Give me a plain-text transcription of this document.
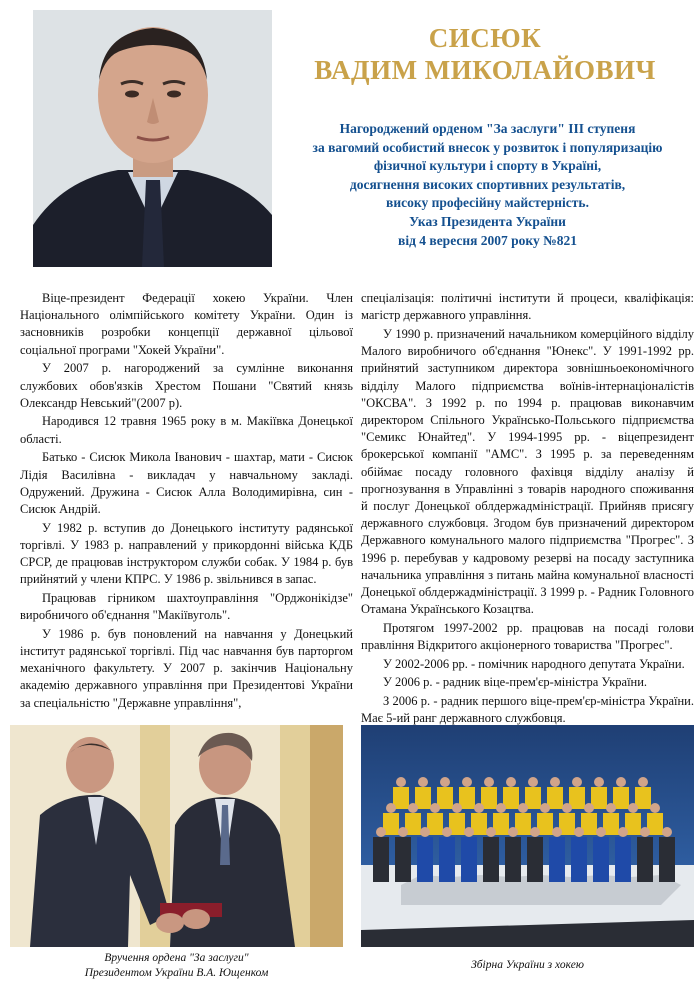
СИСЮК
ВАДИМ МИКОЛАЙОВИЧ
Нагороджений орденом "За заслуги" III ступеня
за вагомий особистий внесок у розвиток і популяризацію
фізичної культури і спорту в Україні,
досягнення високих спортивних результатів,
високу професійну майстерність.
Указ Президента України
від 4 вересня 2007 року №821

Віце-президент Федерації хокею України. Член Національного олімпійського комітету України. Один із засновників розробки концепції державної цільової соціальної програми "Хокей України".

У 2007 р. нагороджений за сумлінне виконання службових обов'язків Хрестом Пошани "Святий князь Олександр Невський"(2007 р).

Народився 12 травня 1965 року в м. Макіївка Донецької області.

Батько - Сисюк Микола Іванович - шахтар, мати - Сисюк Лідія Василівна - викладач у навчальному закладі. Одружений. Дружина - Сисюк Алла Володимирівна, син - Сисюк Андрій.

У 1982 р. вступив до Донецького інституту радянської торгівлі. У 1983 р. направлений у прикордонні війська КДБ СРСР, де працював інструктором служби собак. У 1984 р. був прийнятий у члени КПРС. У 1986 р. звільнився в запас.

Працював гірником шахтоуправління "Орджонікідзе" виробничого об'єднання "Макіївуголь".

У 1986 р. був поновлений на навчання у Донецький інститут радянської торгівлі. Під час навчання був парторгом механічного факультету. У 2007 р. закінчив Національну академію державного управління при Президентові України за спеціальністю "Державне управління",

спеціалізація: політичні інститути й процеси, кваліфікація: магістр державного управління.

У 1990 р. призначений начальником комерційного відділу Малого виробничого об'єднання "Юнекс". У 1991-1992 рр. прийнятий заступником директора зовнішньоекономічного відділу Малого підприємства воїнів-інтернаціоналістів "ОКСВА". З 1992 р. по 1994 р. працював виконавчим директором Спільного Українсько-Польського підприємства "Семикс Юнайтед". У 1994-1995 рр. - віцепрезидент брокерської компанії "АМС". З 1995 р. за переведенням обіймає посаду головного фахівця відділу аналізу й прогнозування в Управлінні з товарів народного споживання й послуг Донецької облдержадміністрації. Прийняв присягу державного службовця. Згодом був призначений директором Державного комунального малого підприємства "Прогрес". З 1996 р. перебував у кадровому резерві на посаду заступника начальника управління з питань майна комунальної власності Донецької облдержадміністрації. З 1999 р. - Радник Головного Отамана Українського Козацтва.

Протягом 1997-2002 рр. працював на посаді голови правління Відкритого акціонерного товариства "Прогрес".

У 2002-2006 рр. - помічник народного депутата України.

У 2006 р. - радник віце-прем'єр-міністра України.

З 2006 р. - радник першого віце-прем'єр-міністра України. Має 5-ий ранг державного службовця.

Вручення ордена "За заслуги"
Президентом України В.А. Ющенком
Збірна України з хокею
